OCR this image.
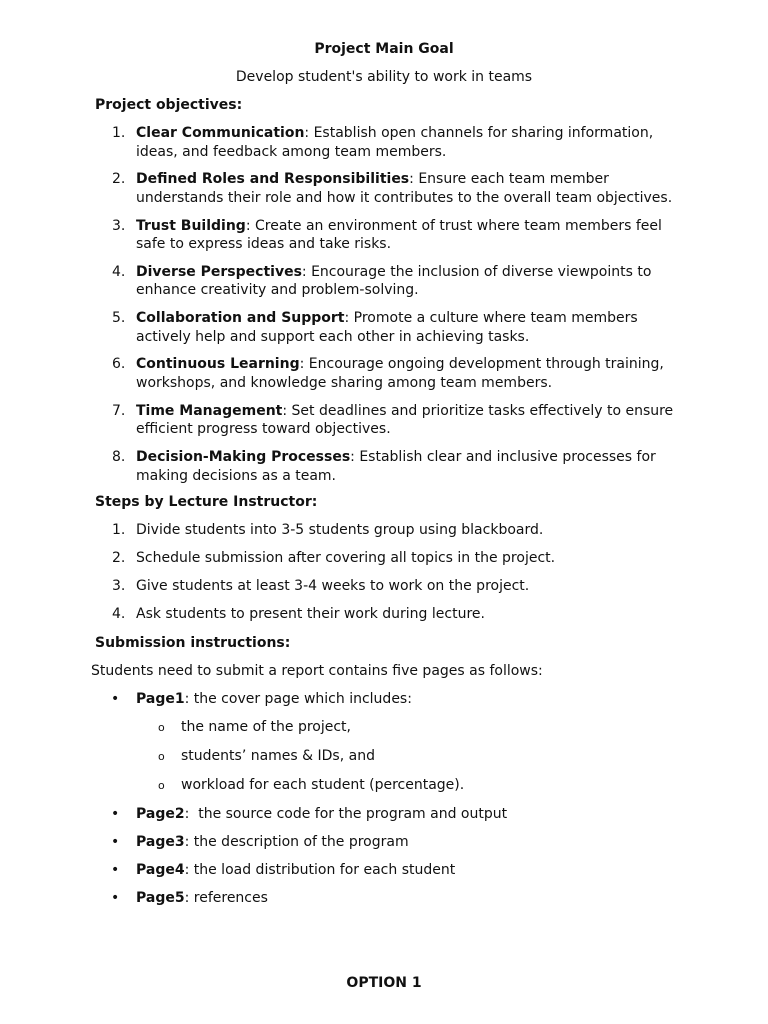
Project Main Goal
Develop student's ability to work in teams
Project objectives:
1. Clear Communication: Establish open channels for sharing information, ideas, and feedback among team members.
2. Defined Roles and Responsibilities: Ensure each team member understands their role and how it contributes to the overall team objectives.
3. Trust Building: Create an environment of trust where team members feel safe to express ideas and take risks.
4. Diverse Perspectives: Encourage the inclusion of diverse viewpoints to enhance creativity and problem-solving.
5. Collaboration and Support: Promote a culture where team members actively help and support each other in achieving tasks.
6. Continuous Learning: Encourage ongoing development through training, workshops, and knowledge sharing among team members.
7. Time Management: Set deadlines and prioritize tasks effectively to ensure efficient progress toward objectives.
8. Decision-Making Processes: Establish clear and inclusive processes for making decisions as a team.
Steps by Lecture Instructor:
1. Divide students into 3-5 students group using blackboard.
2. Schedule submission after covering all topics in the project.
3. Give students at least 3-4 weeks to work on the project.
4. Ask students to present their work during lecture.
Submission instructions:
Students need to submit a report contains five pages as follows:
• Page1: the cover page which includes:
o the name of the project,
o students’ names & IDs, and
o workload for each student (percentage).
• Page2:  the source code for the program and output
• Page3: the description of the program
• Page4: the load distribution for each student
• Page5: references
OPTION 1
